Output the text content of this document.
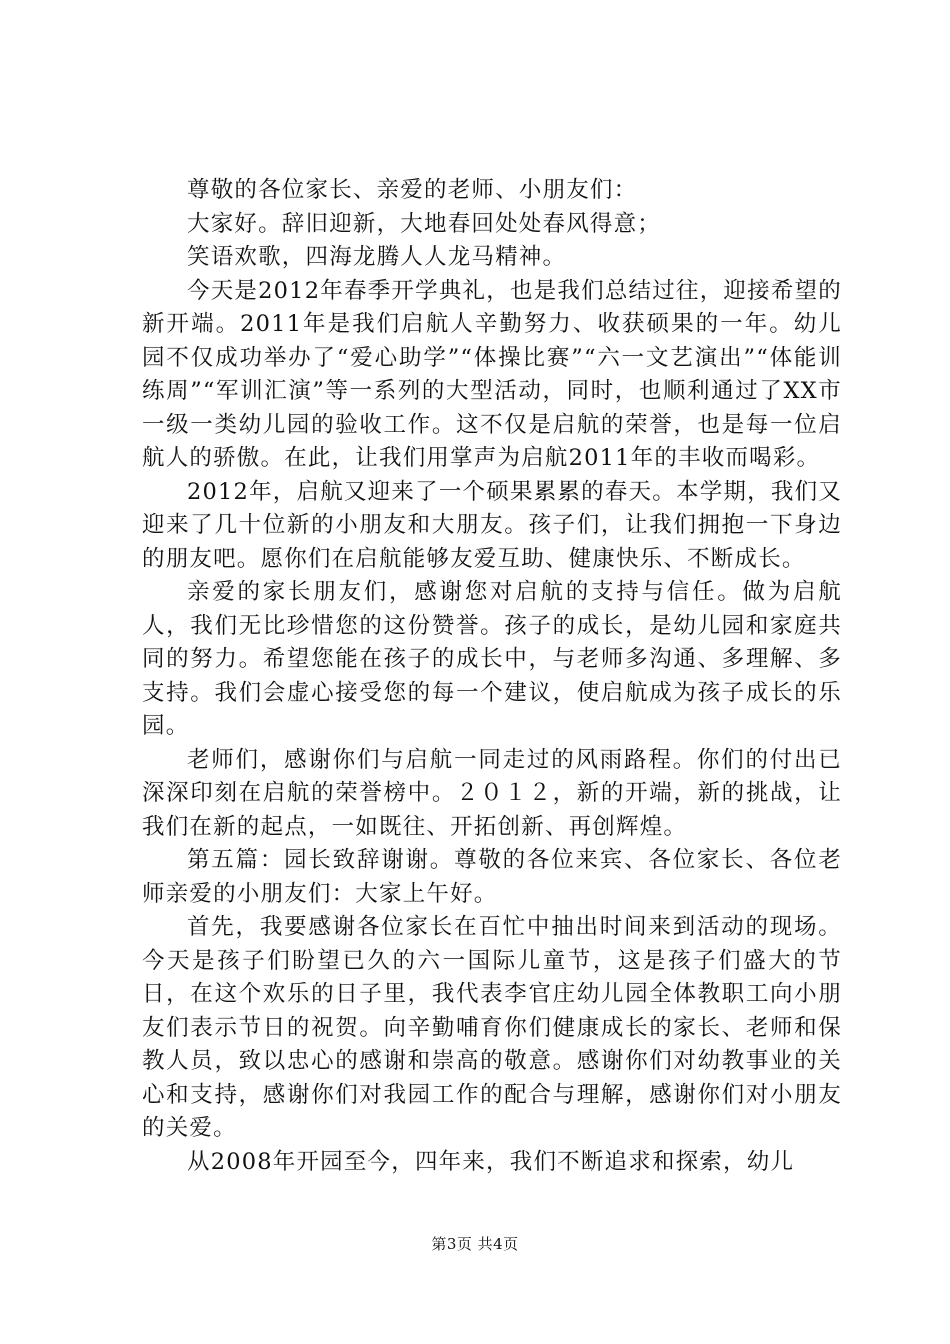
尊敬的各位家长、亲爱的老师、小朋友们：

大家好。辞旧迎新，大地春回处处春风得意；

笑语欢歌，四海龙腾人人龙马精神。

今天是2012年春季开学典礼，也是我们总结过往，迎接希望的新开端。2011年是我们启航人辛勤努力、收获硕果的一年。幼儿园不仅成功举办了“爱心助学”“体操比赛”“六一文艺演出”“体能训练周”“军训汇演”等一系列的大型活动，同时，也顺利通过了XX市一级一类幼儿园的验收工作。这不仅是启航的荣誉，也是每一位启航人的骄傲。在此，让我们用掌声为启航2011年的丰收而喝彩。

2012年，启航又迎来了一个硕果累累的春天。本学期，我们又迎来了几十位新的小朋友和大朋友。孩子们，让我们拥抱一下身边的朋友吧。愿你们在启航能够友爱互助、健康快乐、不断成长。

亲爱的家长朋友们，感谢您对启航的支持与信任。做为启航人，我们无比珍惜您的这份赞誉。孩子的成长，是幼儿园和家庭共同的努力。希望您能在孩子的成长中，与老师多沟通、多理解、多支持。我们会虚心接受您的每一个建议，使启航成为孩子成长的乐园。

老师们，感谢你们与启航一同走过的风雨路程。你们的付出已深深印刻在启航的荣誉榜中。２０１２，新的开端，新的挑战，让我们在新的起点，一如既往、开拓创新、再创辉煌。

第五篇：园长致辞谢谢。尊敬的各位来宾、各位家长、各位老师亲爱的小朋友们：大家上午好。

首先，我要感谢各位家长在百忙中抽出时间来到活动的现场。今天是孩子们盼望已久的六一国际儿童节，这是孩子们盛大的节日，在这个欢乐的日子里，我代表李官庄幼儿园全体教职工向小朋友们表示节日的祝贺。向辛勤哺育你们健康成长的家长、老师和保教人员，致以忠心的感谢和崇高的敬意。感谢你们对幼教事业的关心和支持，感谢你们对我园工作的配合与理解，感谢你们对小朋友的关爱。

从2008年开园至今，四年来，我们不断追求和探索，幼儿

第3页 共4页
